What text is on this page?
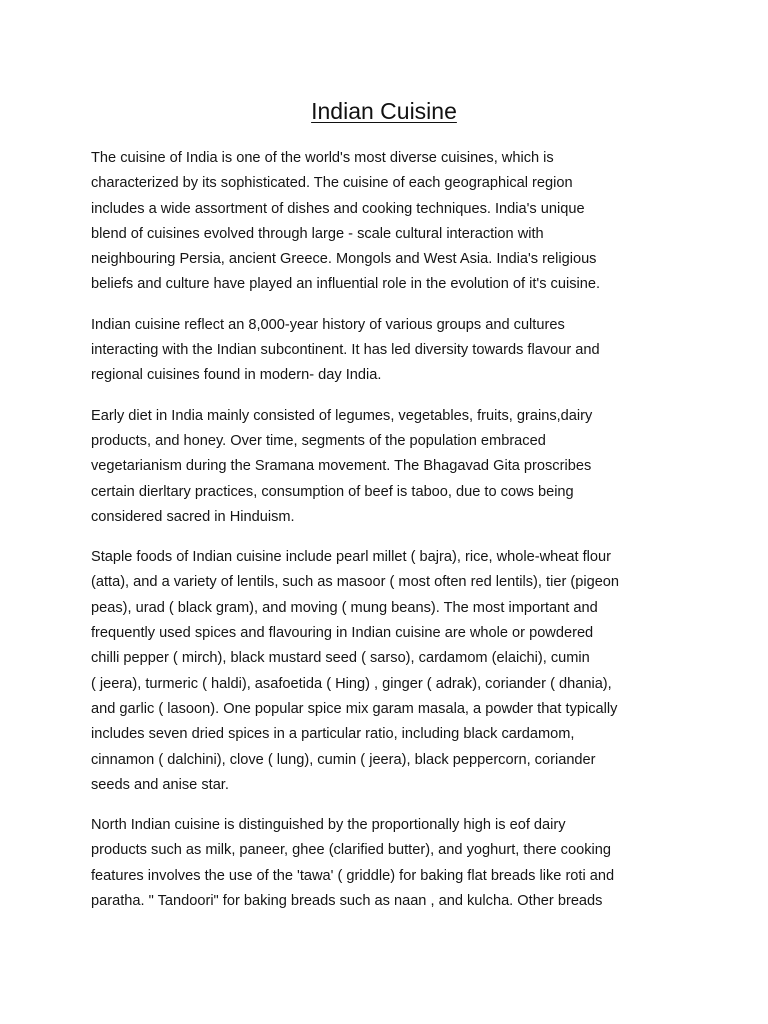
Indian Cuisine

The cuisine of India is one of the world's most diverse cuisines, which is
characterized by its sophisticated. The cuisine of each geographical region
includes a wide assortment of dishes and cooking techniques. India's unique
blend of cuisines evolved through large - scale cultural interaction with
neighbouring Persia, ancient Greece. Mongols and West Asia. India's religious
beliefs and culture have played an influential role in the evolution of it's cuisine.

Indian cuisine reflect an 8,000-year history of various groups and cultures
interacting with the Indian subcontinent. It has led diversity towards flavour and
regional cuisines found in modern- day India.

Early diet in India mainly consisted of legumes, vegetables, fruits, grains,dairy
products, and honey. Over time, segments of the population embraced
vegetarianism during the Sramana movement. The Bhagavad Gita proscribes
certain dierltary practices, consumption of beef is taboo, due to cows being
considered sacred in Hinduism.

Staple foods of Indian cuisine include pearl millet ( bajra), rice, whole-wheat flour
(atta), and a variety of lentils, such as masoor ( most often red lentils), tier (pigeon
peas), urad ( black gram), and moving ( mung beans). The most important and
frequently used spices and flavouring in Indian cuisine are whole or powdered
chilli pepper ( mirch), black mustard seed ( sarso), cardamom (elaichi), cumin
( jeera), turmeric ( haldi), asafoetida ( Hing) , ginger ( adrak), coriander ( dhania),
and garlic ( lasoon). One popular spice mix garam masala, a powder that typically
includes seven dried spices in a particular ratio, including black cardamom,
cinnamon ( dalchini), clove ( lung), cumin ( jeera), black peppercorn, coriander
seeds and anise star.

North Indian cuisine is distinguished by the proportionally high is eof dairy
products such as milk, paneer, ghee (clarified butter), and yoghurt, there cooking
features involves the use of the 'tawa' ( griddle) for baking flat breads like roti and
paratha. " Tandoori" for baking breads such as naan , and kulcha. Other breads
